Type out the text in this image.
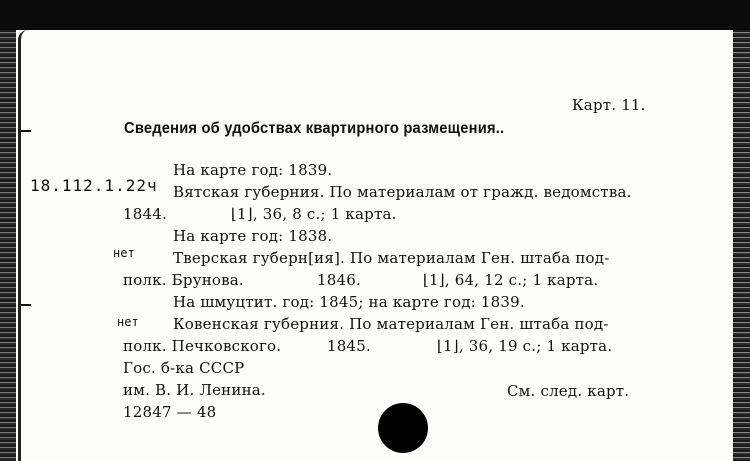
Карт. 11.
Сведения об удобствах квартирного размещения..
На карте год: 1839.
18.112.1.22ч Вятская губерния. По материалам от гражд. ведомства.
1844.	⌊1⌋, 36, 8 с.; 1 карта.
На карте год: 1838.
нет	Тверская губерн[ия]. По материалам Ген. штаба под-
полк. Брунова.	1846.	⌊1⌋, 64, 12 с.; 1 карта.
На шмуцтит. год: 1845; на карте год: 1839.
нет Ковенская губерния. По материалам Ген. штаба под-
полк. Печковского.	1845.	⌊1⌋, 36, 19 с.; 1 карта.
Гос. б-ка СССР
им. В. И. Ленина.
12847 — 48
См. след. карт.
